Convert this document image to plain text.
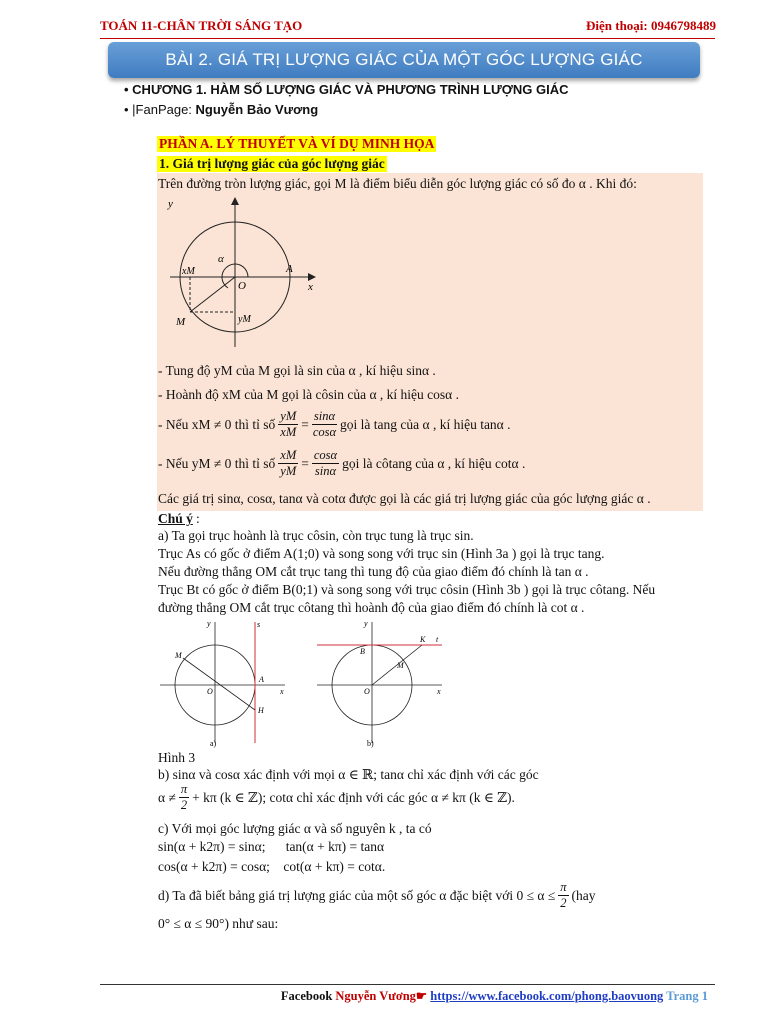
TOÁN 11-CHÂN TRỜI SÁNG TẠO	Điện thoại: 0946798489
BÀI 2. GIÁ TRỊ LƯỢNG GIÁC CỦA MỘT GÓC LƯỢNG GIÁC
• CHƯƠNG 1. HÀM SỐ LƯỢNG GIÁC VÀ PHƯƠNG TRÌNH LƯỢNG GIÁC
• |FanPage: Nguyễn Bảo Vương
PHẦN A. LÝ THUYẾT VÀ VÍ DỤ MINH HỌA
1. Giá trị lượng giác của góc lượng giác
Trên đường tròn lượng giác, gọi M là điểm biểu diễn góc lượng giác có số đo α . Khi đó:
y
x
O
A
M
α
xM
yM
- Tung độ yM của M gọi là sin của α , kí hiệu sinα .
- Hoành độ xM của M gọi là côsin của α , kí hiệu cosα .
- Nếu xM ≠ 0 thì tỉ số $\frac{yM}{xM} = \frac{\sin\alpha}{\cos\alpha}$ gọi là tang của α , kí hiệu tanα .
- Nếu yM ≠ 0 thì tỉ số $\frac{xM}{yM} = \frac{\cos\alpha}{\sin\alpha}$ gọi là côtang của α , kí hiệu cotα .
Các giá trị sinα, cosα, tanα và cotα được gọi là các giá trị lượng giác của góc lượng giác α .
Chú ý :
a) Ta gọi trục hoành là trục côsin, còn trục tung là trục sin.
Trục As có gốc ở điểm A(1;0) và song song với trục sin (Hình 3a ) gọi là trục tang.
Nếu đường thẳng OM cắt trục tang thì tung độ của giao điểm đó chính là tan α .
Trục Bt có gốc ở điểm B(0;1) và song song với trục côsin (Hình 3b ) gọi là trục côtang. Nếu
đường thẳng OM cắt trục côtang thì hoành độ của giao điểm đó chính là cot α .
s
A
O
M
H
y
x
a)
t
B
K
M
O
y
x
b)
Hình 3
b) sinα và cosα xác định với mọi α ∈ ℝ; tanα chỉ xác định với các góc
$\alpha \ne \frac{\pi}{2} + k\pi$ (k ∈ ℤ); cotα chỉ xác định với các góc α ≠ kπ (k ∈ ℤ).
c) Với mọi góc lượng giác α và số nguyên k , ta có
sin(α + k2π) = sinα;      tan(α + kπ) = tanα
cos(α + k2π) = cosα;    cot(α + kπ) = cotα.
d) Ta đã biết bảng giá trị lượng giác của một số góc α đặc biệt với $0 \le \alpha \le \frac{\pi}{2} (hay$
0° ≤ α ≤ 90°) như sau:
Facebook Nguyễn Vương☛ https://www.facebook.com/phong.baovuong Trang 1
